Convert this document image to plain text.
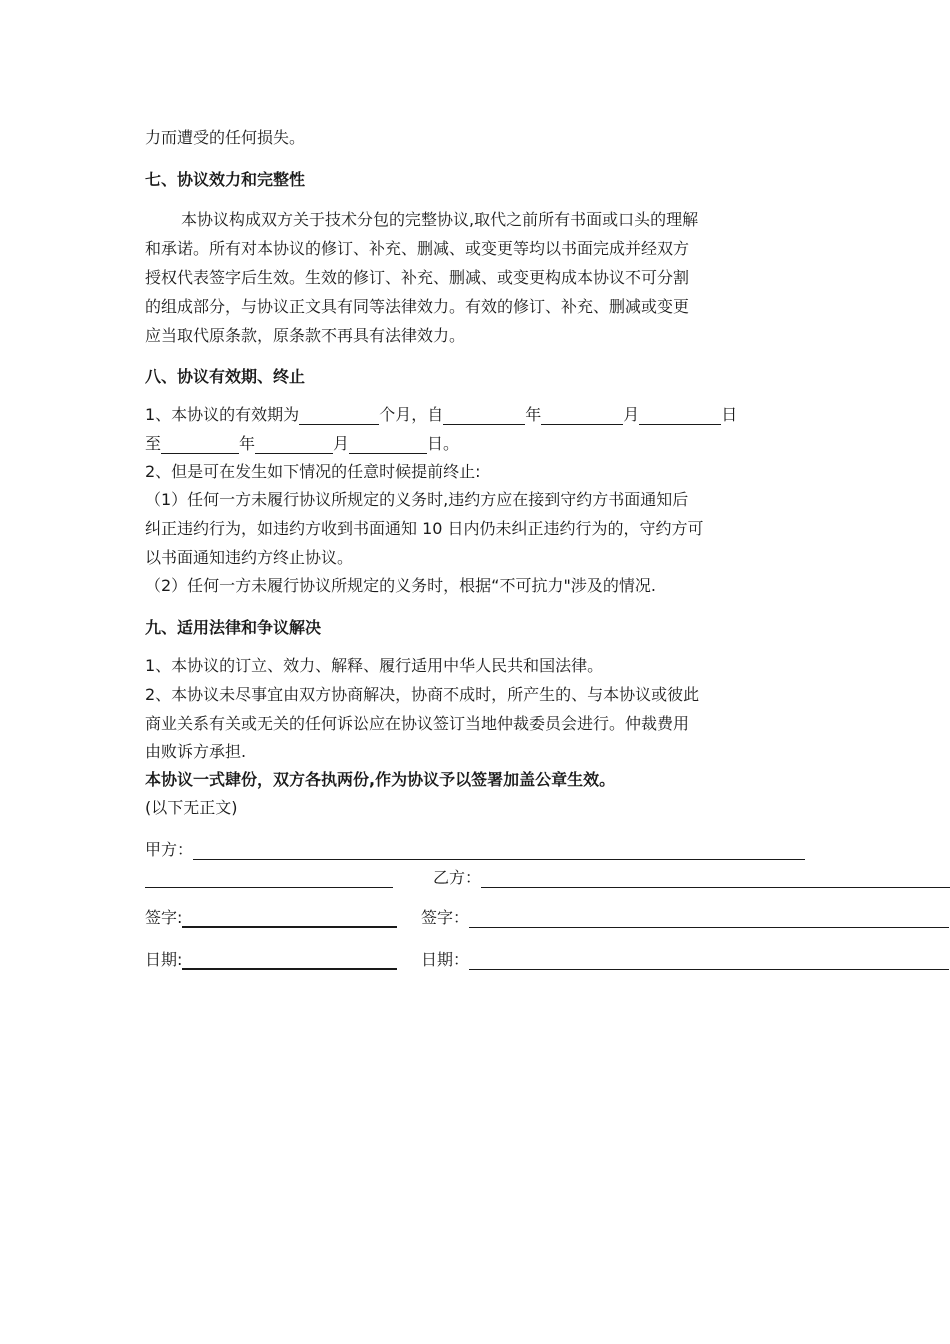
力而遭受的任何损失。
七、协议效力和完整性
本协议构成双方关于技术分包的完整协议,取代之前所有书面或口头的理解
和承诺。所有对本协议的修订、补充、删减、或变更等均以书面完成并经双方
授权代表签字后生效。生效的修订、补充、删减、或变更构成本协议不可分割
的组成部分，与协议正文具有同等法律效力。有效的修订、补充、删减或变更
应当取代原条款，原条款不再具有法律效力。
八、协议有效期、终止
1、本协议的有效期为	个月，自	年	月	日
至	年	月	日。
2、但是可在发生如下情况的任意时候提前终止:
（1）任何一方未履行协议所规定的义务时,违约方应在接到守约方书面通知后
纠正违约行为，如违约方收到书面通知 10 日内仍未纠正违约行为的，守约方可
以书面通知违约方终止协议。
（2）任何一方未履行协议所规定的义务时，根据“不可抗力"涉及的情况.
九、适用法律和争议解决
1、本协议的订立、效力、解释、履行适用中华人民共和国法律。
2、本协议未尽事宜由双方协商解决，协商不成时，所产生的、与本协议或彼此
商业关系有关或无关的任何诉讼应在协议签订当地仲裁委员会进行。仲裁费用
由败诉方承担.
本协议一式肆份，双方各执两份,作为协议予以签署加盖公章生效。
(以下无正文)
甲方：
乙方：
签字:	签字：
日期:	日期：
